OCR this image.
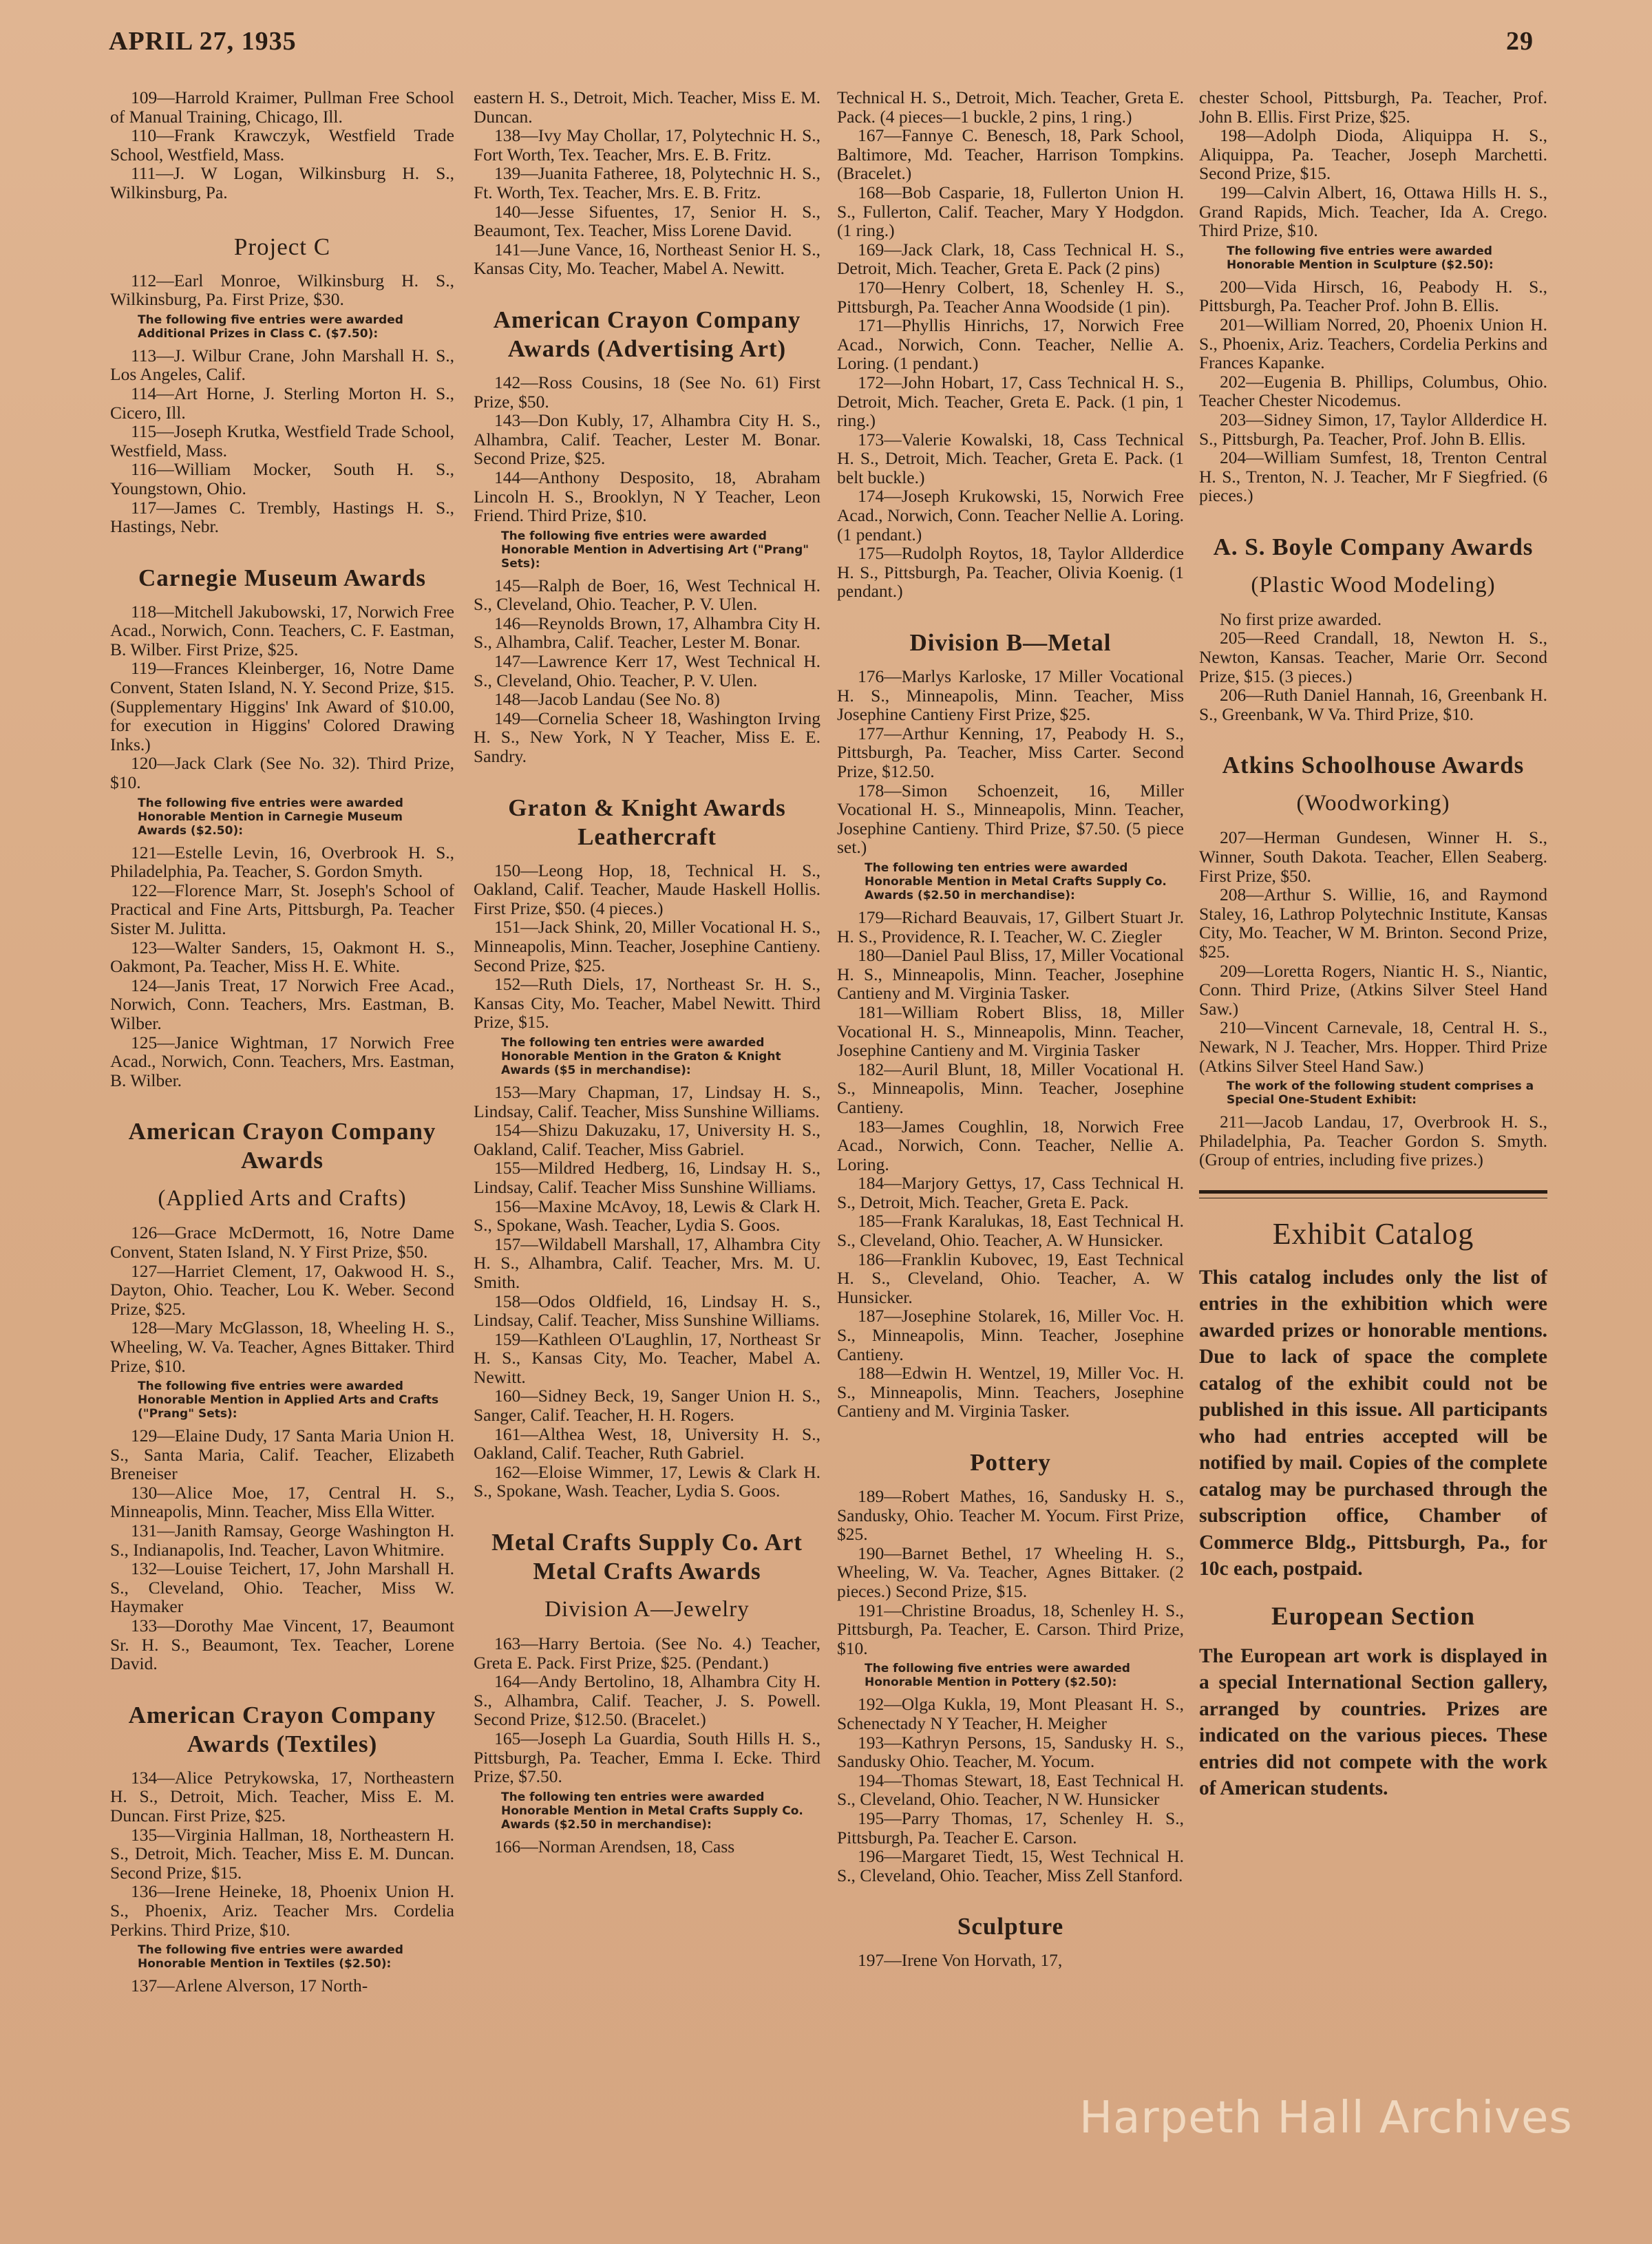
APRIL 27, 1935	29

109—Harrold Kraimer, Pullman Free School of Manual Training, Chicago, Ill.

110—Frank Krawczyk, Westfield Trade School, Westfield, Mass.

111—J. W Logan, Wilkinsburg H. S., Wilkinsburg, Pa.

Project C

112—Earl Monroe, Wilkinsburg H. S., Wilkinsburg, Pa. First Prize, $30.

The following five entries were awarded Additional Prizes in Class C. ($7.50):

113—J. Wilbur Crane, John Marshall H. S., Los Angeles, Calif.

114—Art Horne, J. Sterling Morton H. S., Cicero, Ill.

115—Joseph Krutka, Westfield Trade School, Westfield, Mass.

116—William Mocker, South H. S., Youngstown, Ohio.

117—James C. Trembly, Hastings H. S., Hastings, Nebr.

Carnegie Museum Awards

118—Mitchell Jakubowski, 17, Norwich Free Acad., Norwich, Conn. Teachers, C. F. Eastman, B. Wilber. First Prize, $25.

119—Frances Kleinberger, 16, Notre Dame Convent, Staten Island, N. Y. Second Prize, $15. (Supplementary Higgins' Ink Award of $10.00, for execution in Higgins' Colored Drawing Inks.)

120—Jack Clark (See No. 32). Third Prize, $10.

The following five entries were awarded Honorable Mention in Carnegie Museum Awards ($2.50):

121—Estelle Levin, 16, Overbrook H. S., Philadelphia, Pa. Teacher, S. Gordon Smyth.

122—Florence Marr, St. Joseph's School of Practical and Fine Arts, Pittsburgh, Pa. Teacher Sister M. Julitta.

123—Walter Sanders, 15, Oakmont H. S., Oakmont, Pa. Teacher, Miss H. E. White.

124—Janis Treat, 17 Norwich Free Acad., Norwich, Conn. Teachers, Mrs. Eastman, B. Wilber.

125—Janice Wightman, 17 Norwich Free Acad., Norwich, Conn. Teachers, Mrs. Eastman, B. Wilber.

American Crayon Company Awards
(Applied Arts and Crafts)

126—Grace McDermott, 16, Notre Dame Convent, Staten Island, N. Y First Prize, $50.

127—Harriet Clement, 17, Oakwood H. S., Dayton, Ohio. Teacher, Lou K. Weber. Second Prize, $25.

128—Mary McGlasson, 18, Wheeling H. S., Wheeling, W. Va. Teacher, Agnes Bittaker. Third Prize, $10.

The following five entries were awarded Honorable Mention in Applied Arts and Crafts ("Prang" Sets):

129—Elaine Dudy, 17 Santa Maria Union H. S., Santa Maria, Calif. Teacher, Elizabeth Breneiser

130—Alice Moe, 17, Central H. S., Minneapolis, Minn. Teacher, Miss Ella Witter.

131—Janith Ramsay, George Washington H. S., Indianapolis, Ind. Teacher, Lavon Whitmire.

132—Louise Teichert, 17, John Marshall H. S., Cleveland, Ohio. Teacher, Miss W. Haymaker

133—Dorothy Mae Vincent, 17, Beaumont Sr. H. S., Beaumont, Tex. Teacher, Lorene David.

American Crayon Company Awards (Textiles)

134—Alice Petrykowska, 17, Northeastern H. S., Detroit, Mich. Teacher, Miss E. M. Duncan. First Prize, $25.

135—Virginia Hallman, 18, Northeastern H. S., Detroit, Mich. Teacher, Miss E. M. Duncan. Second Prize, $15.

136—Irene Heineke, 18, Phoenix Union H. S., Phoenix, Ariz. Teacher Mrs. Cordelia Perkins. Third Prize, $10.

The following five entries were awarded Honorable Mention in Textiles ($2.50):

137—Arlene Alverson, 17 North-

eastern H. S., Detroit, Mich. Teacher, Miss E. M. Duncan.

138—Ivy May Chollar, 17, Polytechnic H. S., Fort Worth, Tex. Teacher, Mrs. E. B. Fritz.

139—Juanita Fatheree, 18, Polytechnic H. S., Ft. Worth, Tex. Teacher, Mrs. E. B. Fritz.

140—Jesse Sifuentes, 17, Senior H. S., Beaumont, Tex. Teacher, Miss Lorene David.

141—June Vance, 16, Northeast Senior H. S., Kansas City, Mo. Teacher, Mabel A. Newitt.

American Crayon Company Awards (Advertising Art)

142—Ross Cousins, 18 (See No. 61) First Prize, $50.

143—Don Kubly, 17, Alhambra City H. S., Alhambra, Calif. Teacher, Lester M. Bonar. Second Prize, $25.

144—Anthony Desposito, 18, Abraham Lincoln H. S., Brooklyn, N Y Teacher, Leon Friend. Third Prize, $10.

The following five entries were awarded Honorable Mention in Advertising Art ("Prang" Sets):

145—Ralph de Boer, 16, West Technical H. S., Cleveland, Ohio. Teacher, P. V. Ulen.

146—Reynolds Brown, 17, Alhambra City H. S., Alhambra, Calif. Teacher, Lester M. Bonar.

147—Lawrence Kerr 17, West Technical H. S., Cleveland, Ohio. Teacher, P. V. Ulen.

148—Jacob Landau (See No. 8)

149—Cornelia Scheer 18, Washington Irving H. S., New York, N Y Teacher, Miss E. E. Sandry.

Graton & Knight Awards Leathercraft

150—Leong Hop, 18, Technical H. S., Oakland, Calif. Teacher, Maude Haskell Hollis. First Prize, $50. (4 pieces.)

151—Jack Shink, 20, Miller Vocational H. S., Minneapolis, Minn. Teacher, Josephine Cantieny. Second Prize, $25.

152—Ruth Diels, 17, Northeast Sr. H. S., Kansas City, Mo. Teacher, Mabel Newitt. Third Prize, $15.

The following ten entries were awarded Honorable Mention in the Graton & Knight Awards ($5 in merchandise):

153—Mary Chapman, 17, Lindsay H. S., Lindsay, Calif. Teacher, Miss Sunshine Williams.

154—Shizu Dakuzaku, 17, University H. S., Oakland, Calif. Teacher, Miss Gabriel.

155—Mildred Hedberg, 16, Lindsay H. S., Lindsay, Calif. Teacher Miss Sunshine Williams.

156—Maxine McAvoy, 18, Lewis & Clark H. S., Spokane, Wash. Teacher, Lydia S. Goos.

157—Wildabell Marshall, 17, Alhambra City H. S., Alhambra, Calif. Teacher, Mrs. M. U. Smith.

158—Odos Oldfield, 16, Lindsay H. S., Lindsay, Calif. Teacher, Miss Sunshine Williams.

159—Kathleen O'Laughlin, 17, Northeast Sr H. S., Kansas City, Mo. Teacher, Mabel A. Newitt.

160—Sidney Beck, 19, Sanger Union H. S., Sanger, Calif. Teacher, H. H. Rogers.

161—Althea West, 18, University H. S., Oakland, Calif. Teacher, Ruth Gabriel.

162—Eloise Wimmer, 17, Lewis & Clark H. S., Spokane, Wash. Teacher, Lydia S. Goos.

Metal Crafts Supply Co. Art Metal Crafts Awards
Division A—Jewelry

163—Harry Bertoia. (See No. 4.) Teacher, Greta E. Pack. First Prize, $25. (Pendant.)

164—Andy Bertolino, 18, Alhambra City H. S., Alhambra, Calif. Teacher, J. S. Powell. Second Prize, $12.50. (Bracelet.)

165—Joseph La Guardia, South Hills H. S., Pittsburgh, Pa. Teacher, Emma I. Ecke. Third Prize, $7.50.

The following ten entries were awarded Honorable Mention in Metal Crafts Supply Co. Awards ($2.50 in merchandise):

166—Norman Arendsen, 18, Cass

Technical H. S., Detroit, Mich. Teacher, Greta E. Pack. (4 pieces—1 buckle, 2 pins, 1 ring.)

167—Fannye C. Benesch, 18, Park School, Baltimore, Md. Teacher, Harrison Tompkins. (Bracelet.)

168—Bob Casparie, 18, Fullerton Union H. S., Fullerton, Calif. Teacher, Mary Y Hodgdon. (1 ring.)

169—Jack Clark, 18, Cass Technical H. S., Detroit, Mich. Teacher, Greta E. Pack (2 pins)

170—Henry Colbert, 18, Schenley H. S., Pittsburgh, Pa. Teacher Anna Woodside (1 pin).

171—Phyllis Hinrichs, 17, Norwich Free Acad., Norwich, Conn. Teacher, Nellie A. Loring. (1 pendant.)

172—John Hobart, 17, Cass Technical H. S., Detroit, Mich. Teacher, Greta E. Pack. (1 pin, 1 ring.)

173—Valerie Kowalski, 18, Cass Technical H. S., Detroit, Mich. Teacher, Greta E. Pack. (1 belt buckle.)

174—Joseph Krukowski, 15, Norwich Free Acad., Norwich, Conn. Teacher Nellie A. Loring. (1 pendant.)

175—Rudolph Roytos, 18, Taylor Allderdice H. S., Pittsburgh, Pa. Teacher, Olivia Koenig. (1 pendant.)

Division B—Metal

176—Marlys Karloske, 17 Miller Vocational H. S., Minneapolis, Minn. Teacher, Miss Josephine Cantieny First Prize, $25.

177—Arthur Kenning, 17, Peabody H. S., Pittsburgh, Pa. Teacher, Miss Carter. Second Prize, $12.50.

178—Simon Schoenzeit, 16, Miller Vocational H. S., Minneapolis, Minn. Teacher, Josephine Cantieny. Third Prize, $7.50. (5 piece set.)

The following ten entries were awarded Honorable Mention in Metal Crafts Supply Co. Awards ($2.50 in merchandise):

179—Richard Beauvais, 17, Gilbert Stuart Jr. H. S., Providence, R. I. Teacher, W. C. Ziegler

180—Daniel Paul Bliss, 17, Miller Vocational H. S., Minneapolis, Minn. Teacher, Josephine Cantieny and M. Virginia Tasker.

181—William Robert Bliss, 18, Miller Vocational H. S., Minneapolis, Minn. Teacher, Josephine Cantieny and M. Virginia Tasker

182—Auril Blunt, 18, Miller Vocational H. S., Minneapolis, Minn. Teacher, Josephine Cantieny.

183—James Coughlin, 18, Norwich Free Acad., Norwich, Conn. Teacher, Nellie A. Loring.

184—Marjory Gettys, 17, Cass Technical H. S., Detroit, Mich. Teacher, Greta E. Pack.

185—Frank Karalukas, 18, East Technical H. S., Cleveland, Ohio. Teacher, A. W Hunsicker.

186—Franklin Kubovec, 19, East Technical H. S., Cleveland, Ohio. Teacher, A. W Hunsicker.

187—Josephine Stolarek, 16, Miller Voc. H. S., Minneapolis, Minn. Teacher, Josephine Cantieny.

188—Edwin H. Wentzel, 19, Miller Voc. H. S., Minneapolis, Minn. Teachers, Josephine Cantieny and M. Virginia Tasker.

Pottery

189—Robert Mathes, 16, Sandusky H. S., Sandusky, Ohio. Teacher M. Yocum. First Prize, $25.

190—Barnet Bethel, 17 Wheeling H. S., Wheeling, W. Va. Teacher, Agnes Bittaker. (2 pieces.) Second Prize, $15.

191—Christine Broadus, 18, Schenley H. S., Pittsburgh, Pa. Teacher, E. Carson. Third Prize, $10.

The following five entries were awarded Honorable Mention in Pottery ($2.50):

192—Olga Kukla, 19, Mont Pleasant H. S., Schenectady N Y Teacher, H. Meigher

193—Kathryn Persons, 15, Sandusky H. S., Sandusky Ohio. Teacher, M. Yocum.

194—Thomas Stewart, 18, East Technical H. S., Cleveland, Ohio. Teacher, N W. Hunsicker

195—Parry Thomas, 17, Schenley H. S., Pittsburgh, Pa. Teacher E. Carson.

196—Margaret Tiedt, 15, West Technical H. S., Cleveland, Ohio. Teacher, Miss Zell Stanford.

Sculpture

197—Irene Von Horvath, 17,

chester School, Pittsburgh, Pa. Teacher, Prof. John B. Ellis. First Prize, $25.

198—Adolph Dioda, Aliquippa H. S., Aliquippa, Pa. Teacher, Joseph Marchetti. Second Prize, $15.

199—Calvin Albert, 16, Ottawa Hills H. S., Grand Rapids, Mich. Teacher, Ida A. Crego. Third Prize, $10.

The following five entries were awarded Honorable Mention in Sculpture ($2.50):

200—Vida Hirsch, 16, Peabody H. S., Pittsburgh, Pa. Teacher Prof. John B. Ellis.

201—William Norred, 20, Phoenix Union H. S., Phoenix, Ariz. Teachers, Cordelia Perkins and Frances Kapanke.

202—Eugenia B. Phillips, Columbus, Ohio. Teacher Chester Nicodemus.

203—Sidney Simon, 17, Taylor Allderdice H. S., Pittsburgh, Pa. Teacher, Prof. John B. Ellis.

204—William Sumfest, 18, Trenton Central H. S., Trenton, N. J. Teacher, Mr F Siegfried. (6 pieces.)

A. S. Boyle Company Awards
(Plastic Wood Modeling)

No first prize awarded.

205—Reed Crandall, 18, Newton H. S., Newton, Kansas. Teacher, Marie Orr. Second Prize, $15. (3 pieces.)

206—Ruth Daniel Hannah, 16, Greenbank H. S., Greenbank, W Va. Third Prize, $10.

Atkins Schoolhouse Awards
(Woodworking)

207—Herman Gundesen, Winner H. S., Winner, South Dakota. Teacher, Ellen Seaberg. First Prize, $50.

208—Arthur S. Willie, 16, and Raymond Staley, 16, Lathrop Polytechnic Institute, Kansas City, Mo. Teacher, W M. Brinton. Second Prize, $25.

209—Loretta Rogers, Niantic H. S., Niantic, Conn. Third Prize, (Atkins Silver Steel Hand Saw.)

210—Vincent Carnevale, 18, Central H. S., Newark, N J. Teacher, Mrs. Hopper. Third Prize (Atkins Silver Steel Hand Saw.)

The work of the following student comprises a Special One-Student Exhibit:

211—Jacob Landau, 17, Overbrook H. S., Philadelphia, Pa. Teacher Gordon S. Smyth. (Group of entries, including five prizes.)

Exhibit Catalog

This catalog includes only the list of entries in the exhibition which were awarded prizes or honorable mentions. Due to lack of space the complete catalog of the exhibit could not be published in this issue. All participants who had entries accepted will be notified by mail. Copies of the complete catalog may be purchased through the subscription office, Chamber of Commerce Bldg., Pittsburgh, Pa., for 10c each, postpaid.

European Section

The European art work is displayed in a special International Section gallery, arranged by countries. Prizes are indicated on the various pieces. These entries did not compete with the work of American students.

Harpeth Hall Archives
